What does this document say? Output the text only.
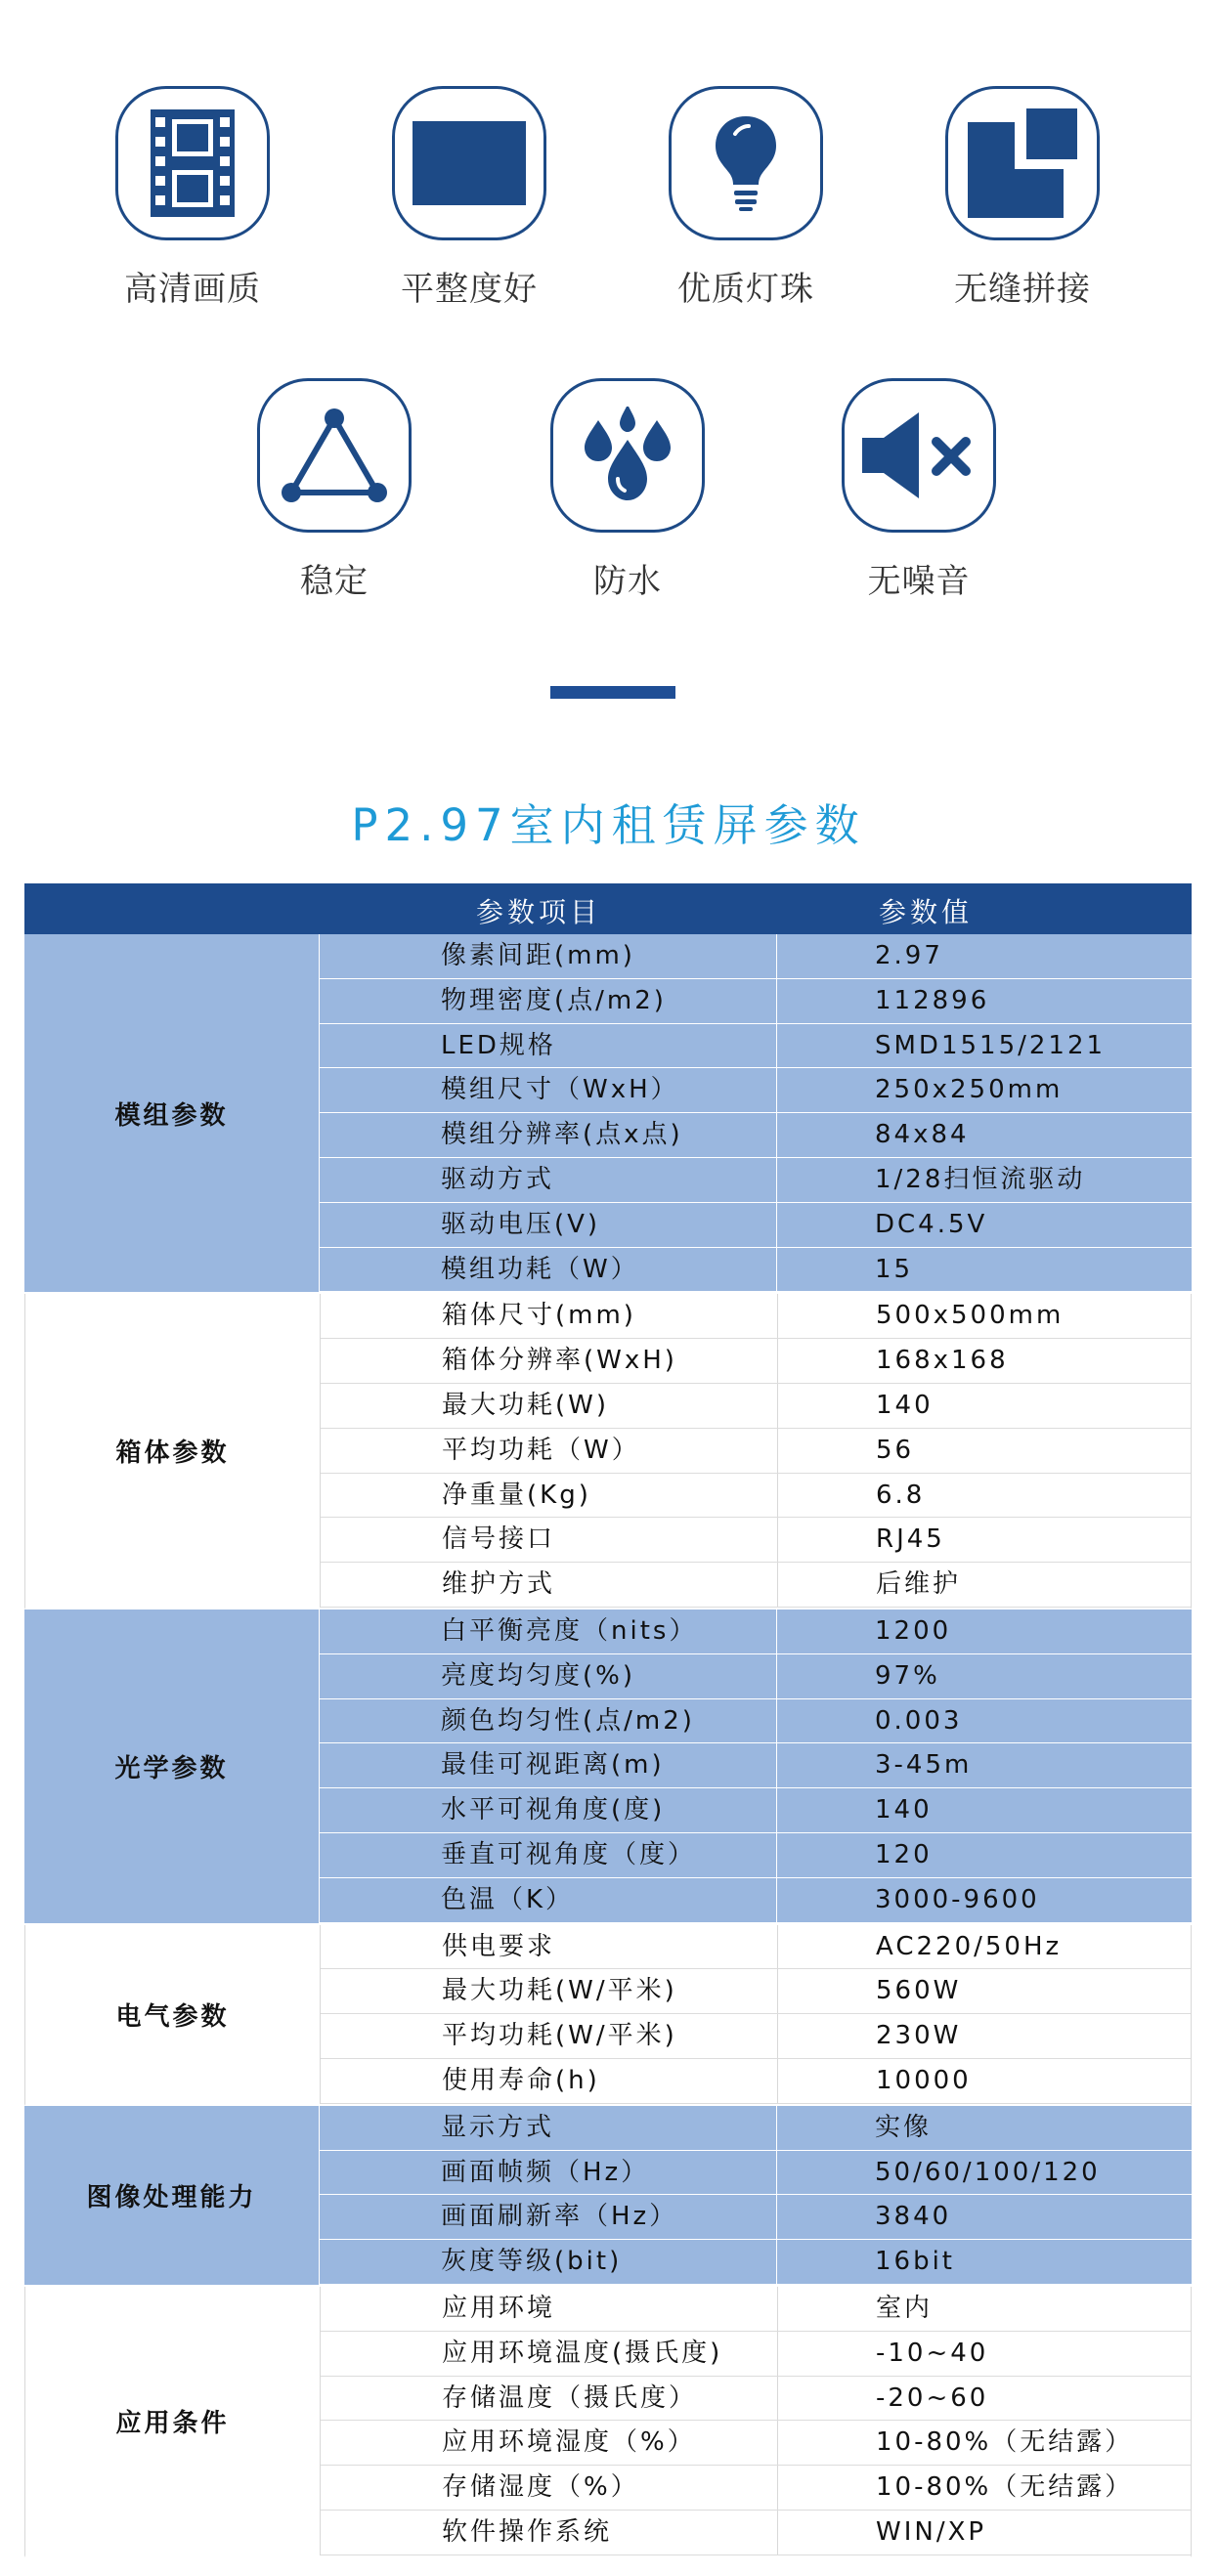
高清画质	平整度好	优质灯珠	无缝拼接
稳定	防水	无噪音
P2.97室内租赁屏参数
参数项目	参数值
模组参数
像素间距(mm)	2.97
物理密度(点/m2)	112896
LED规格	SMD1515/2121
模组尺寸（WxH）	250x250mm
模组分辨率(点x点)	84x84
驱动方式	1/28扫恒流驱动
驱动电压(V)	DC4.5V
模组功耗（W）	15
箱体参数
箱体尺寸(mm)	500x500mm
箱体分辨率(WxH)	168x168
最大功耗(W)	140
平均功耗（W）	56
净重量(Kg)	6.8
信号接口	RJ45
维护方式	后维护
光学参数
白平衡亮度（nits）	1200
亮度均匀度(%)	97%
颜色均匀性(点/m2)	0.003
最佳可视距离(m)	3-45m
水平可视角度(度)	140
垂直可视角度（度）	120
色温（K）	3000-9600
电气参数
供电要求	AC220/50Hz
最大功耗(W/平米)	560W
平均功耗(W/平米)	230W
使用寿命(h)	10000
图像处理能力
显示方式	实像
画面帧频（Hz）	50/60/100/120
画面刷新率（Hz）	3840
灰度等级(bit)	16bit
应用条件
应用环境	室内
应用环境温度(摄氏度)	-10~40
存储温度（摄氏度）	-20~60
应用环境湿度（%）	10-80%（无结露）
存储湿度（%）	10-80%（无结露）
软件操作系统	WIN/XP
